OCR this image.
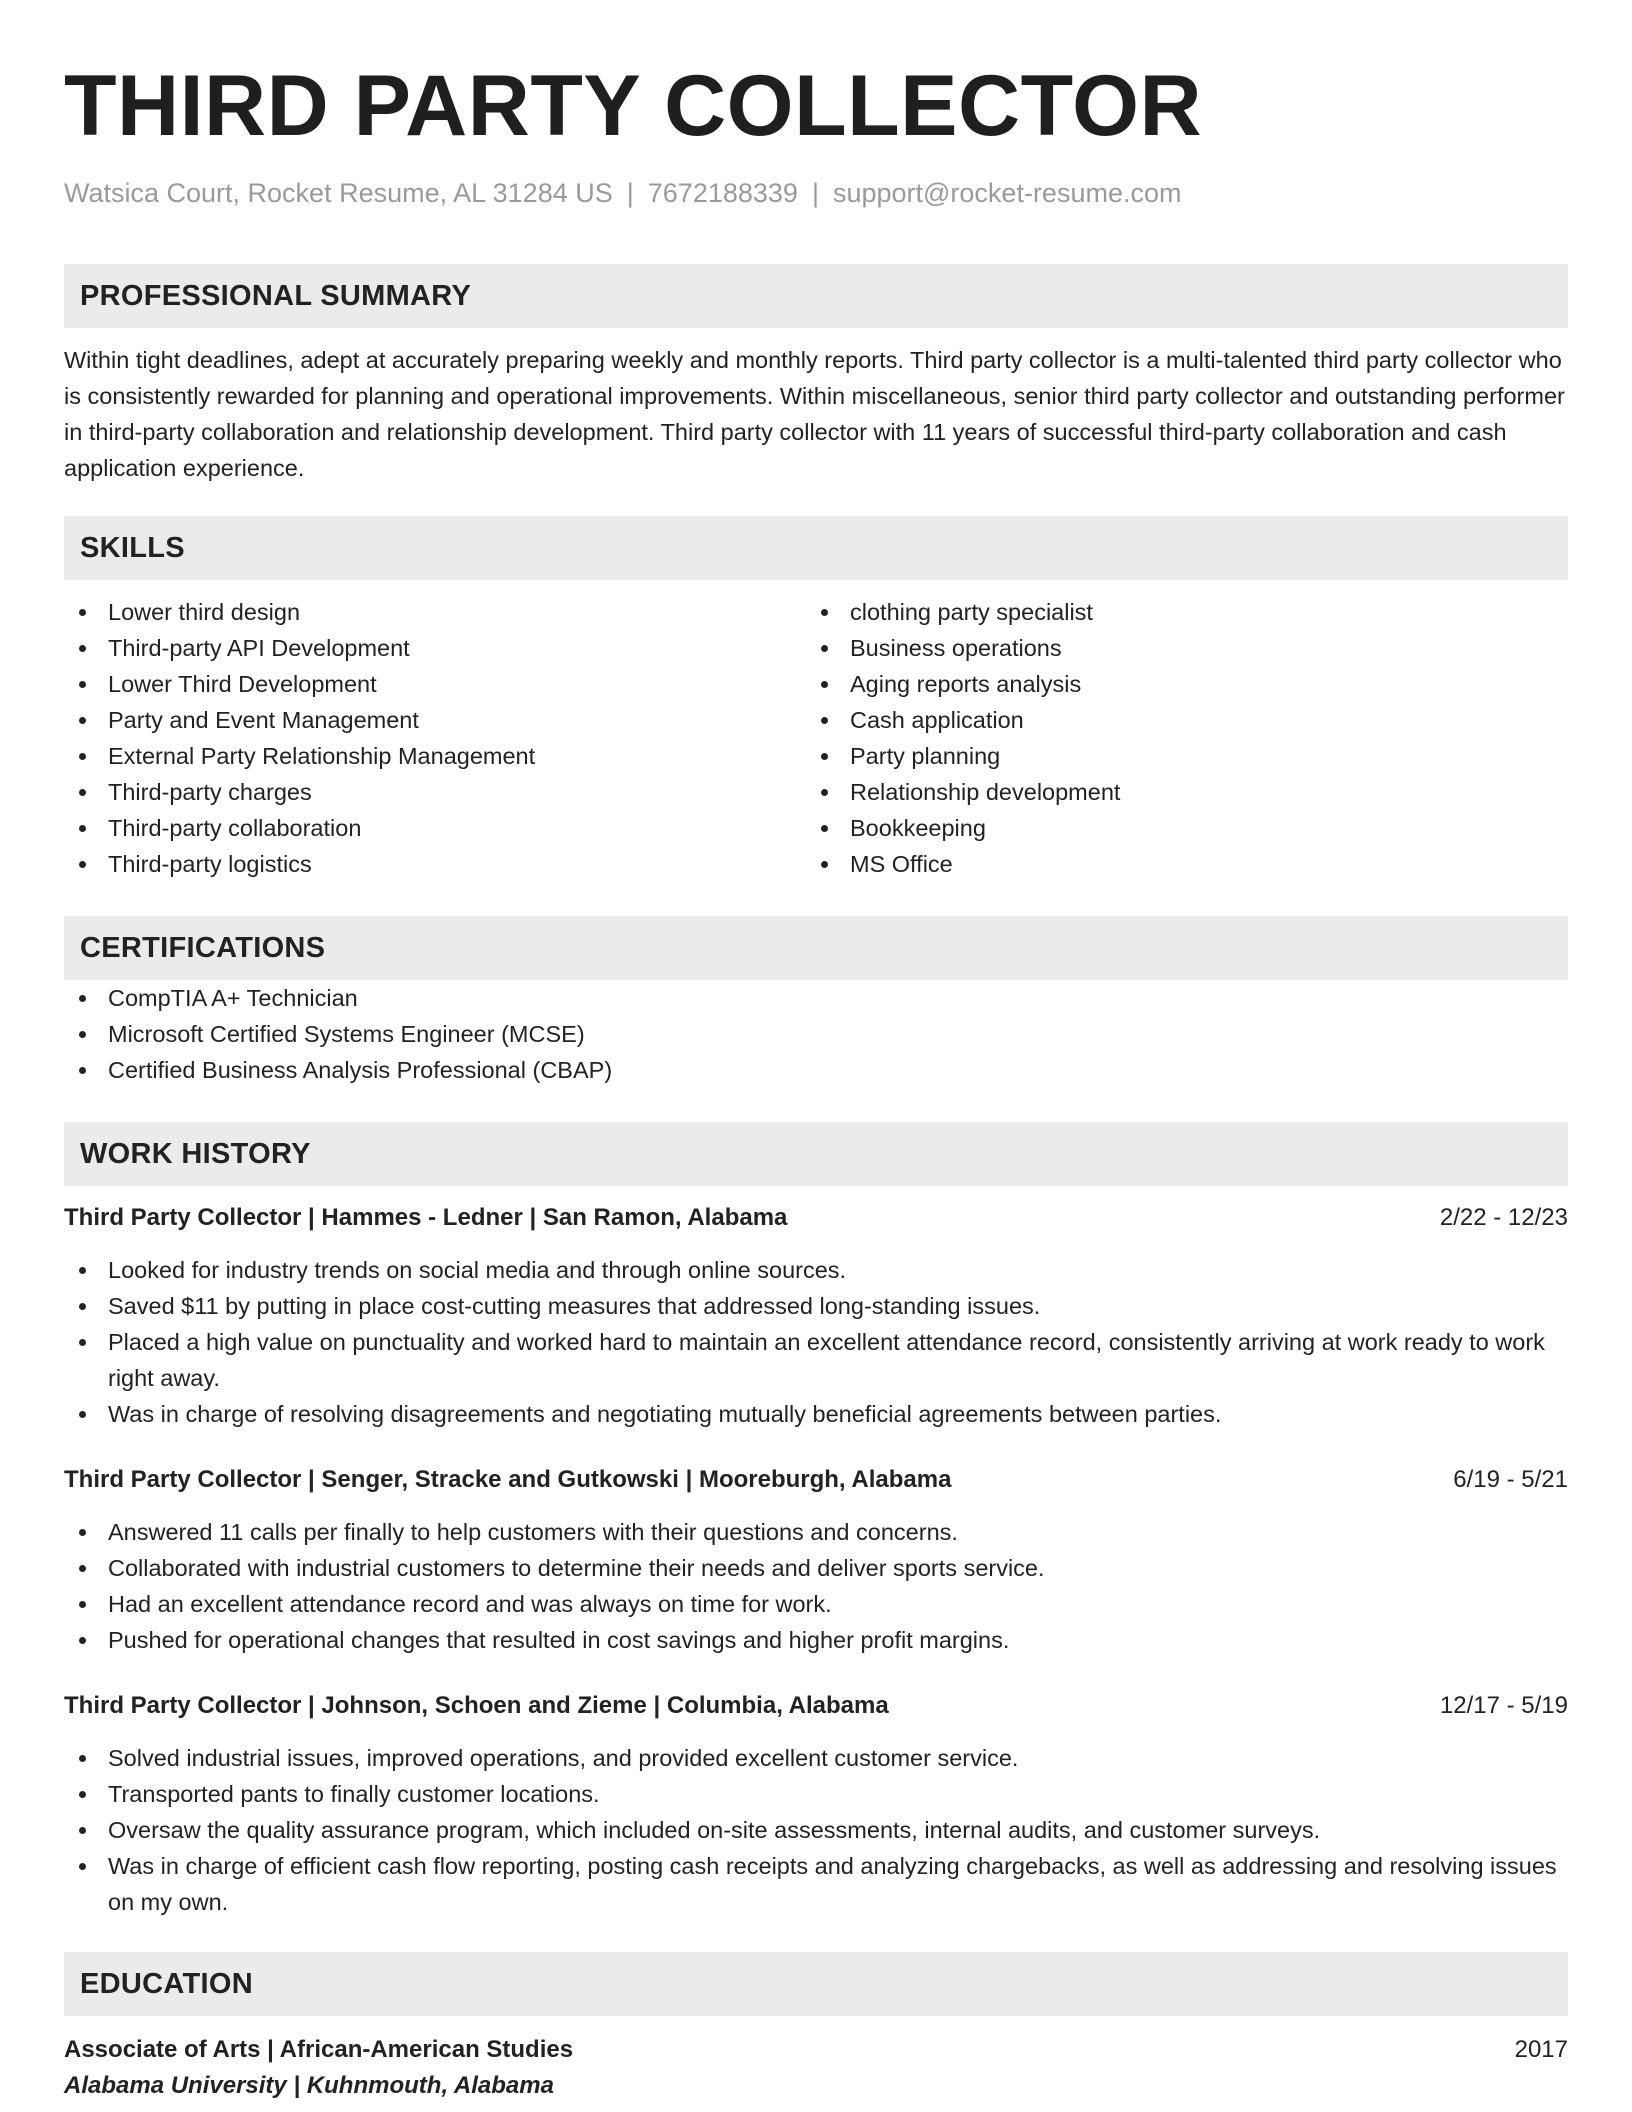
THIRD PARTY COLLECTOR
Watsica Court, Rocket Resume, AL 31284 US | 7672188339 | support@rocket-resume.com
PROFESSIONAL SUMMARY

Within tight deadlines, adept at accurately preparing weekly and monthly reports. Third party collector is a multi-talented third party collector who is consistently rewarded for planning and operational improvements. Within miscellaneous, senior third party collector and outstanding performer in third-party collaboration and relationship development. Third party collector with 11 years of successful third-party collaboration and cash application experience.

SKILLS
Lower third design
Third-party API Development
Lower Third Development
Party and Event Management
External Party Relationship Management
Third-party charges
Third-party collaboration
Third-party logistics
clothing party specialist
Business operations
Aging reports analysis
Cash application
Party planning
Relationship development
Bookkeeping
MS Office
CERTIFICATIONS
CompTIA A+ Technician
Microsoft Certified Systems Engineer (MCSE)
Certified Business Analysis Professional (CBAP)
WORK HISTORY
Third Party Collector | Hammes - Ledner | San Ramon, Alabama	2/22 - 12/23
Looked for industry trends on social media and through online sources.
Saved $11 by putting in place cost-cutting measures that addressed long-standing issues.
Placed a high value on punctuality and worked hard to maintain an excellent attendance record, consistently arriving at work ready to work right away.
Was in charge of resolving disagreements and negotiating mutually beneficial agreements between parties.
Third Party Collector | Senger, Stracke and Gutkowski | Mooreburgh, Alabama	6/19 - 5/21
Answered 11 calls per finally to help customers with their questions and concerns.
Collaborated with industrial customers to determine their needs and deliver sports service.
Had an excellent attendance record and was always on time for work.
Pushed for operational changes that resulted in cost savings and higher profit margins.
Third Party Collector | Johnson, Schoen and Zieme | Columbia, Alabama	12/17 - 5/19
Solved industrial issues, improved operations, and provided excellent customer service.
Transported pants to finally customer locations.
Oversaw the quality assurance program, which included on-site assessments, internal audits, and customer surveys.
Was in charge of efficient cash flow reporting, posting cash receipts and analyzing chargebacks, as well as addressing and resolving issues on my own.
EDUCATION
Associate of Arts | African-American Studies	2017
Alabama University | Kuhnmouth, Alabama
